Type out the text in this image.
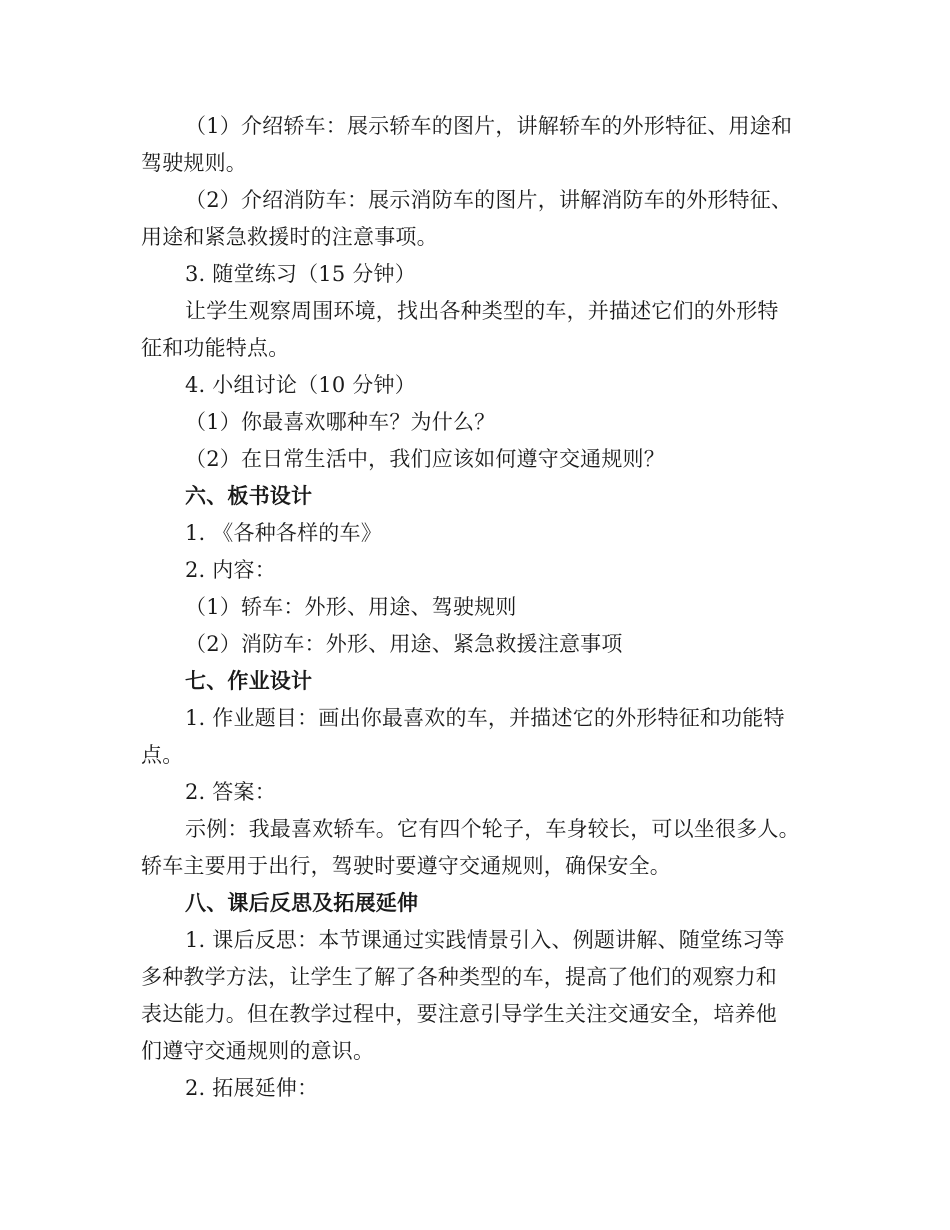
（1）介绍轿车：展示轿车的图片，讲解轿车的外形特征、用途和
驾驶规则。
（2）介绍消防车：展示消防车的图片，讲解消防车的外形特征、
用途和紧急救援时的注意事项。
3. 随堂练习（15 分钟）
让学生观察周围环境，找出各种类型的车，并描述它们的外形特
征和功能特点。
4. 小组讨论（10 分钟）
（1）你最喜欢哪种车？为什么？
（2）在日常生活中，我们应该如何遵守交通规则？
六、板书设计
1. 《各种各样的车》
2. 内容：
（1）轿车：外形、用途、驾驶规则
（2）消防车：外形、用途、紧急救援注意事项
七、作业设计
1. 作业题目：画出你最喜欢的车，并描述它的外形特征和功能特
点。
2. 答案：
示例：我最喜欢轿车。它有四个轮子，车身较长，可以坐很多人。
轿车主要用于出行，驾驶时要遵守交通规则，确保安全。
八、课后反思及拓展延伸
1. 课后反思：本节课通过实践情景引入、例题讲解、随堂练习等
多种教学方法，让学生了解了各种类型的车，提高了他们的观察力和
表达能力。但在教学过程中，要注意引导学生关注交通安全，培养他
们遵守交通规则的意识。
2. 拓展延伸：
